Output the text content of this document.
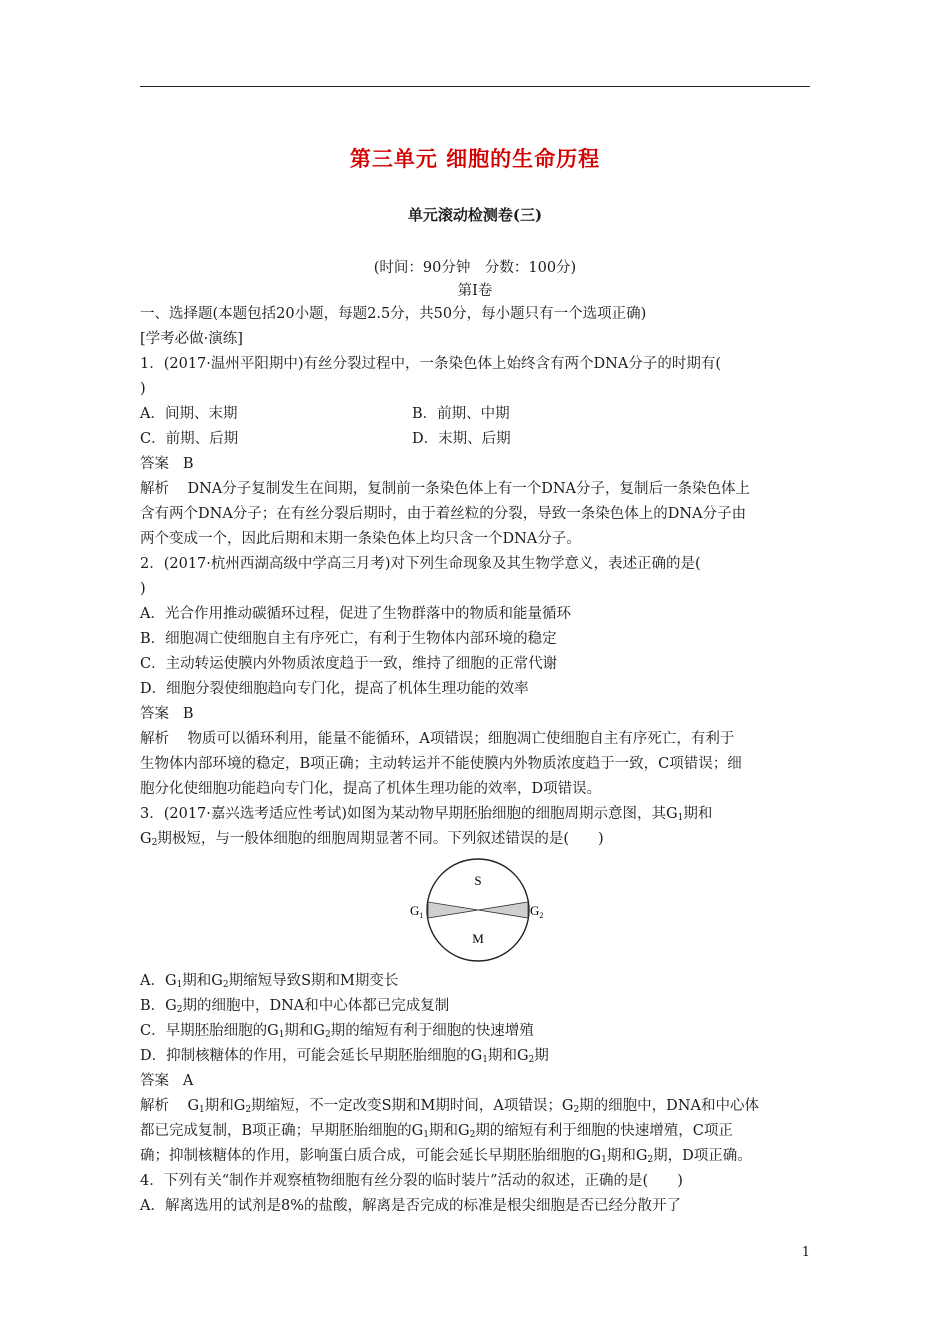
第三单元 细胞的生命历程
单元滚动检测卷(三)
(时间：90分钟　分数：100分)
第Ⅰ卷
一、选择题(本题包括20小题，每题2.5分，共50分，每小题只有一个选项正确)
[学考必做·演练]
1．(2017·温州平阳期中)有丝分裂过程中，一条染色体上始终含有两个DNA分子的时期有(
)
A．间期、末期	B．前期、中期
C．前期、后期	D．末期、后期
答案 B
解析 DNA分子复制发生在间期，复制前一条染色体上有一个DNA分子，复制后一条染色体上
含有两个DNA分子；在有丝分裂后期时，由于着丝粒的分裂，导致一条染色体上的DNA分子由
两个变成一个，因此后期和末期一条染色体上均只含一个DNA分子。
2．(2017·杭州西湖高级中学高三月考)对下列生命现象及其生物学意义，表述正确的是(
)
A．光合作用推动碳循环过程，促进了生物群落中的物质和能量循环
B．细胞凋亡使细胞自主有序死亡，有利于生物体内部环境的稳定
C．主动转运使膜内外物质浓度趋于一致，维持了细胞的正常代谢
D．细胞分裂使细胞趋向专门化，提高了机体生理功能的效率
答案 B
解析 物质可以循环利用，能量不能循环，A项错误；细胞凋亡使细胞自主有序死亡，有利于
生物体内部环境的稳定，B项正确；主动转运并不能使膜内外物质浓度趋于一致，C项错误；细
胞分化使细胞功能趋向专门化，提高了机体生理功能的效率，D项错误。
3．(2017·嘉兴选考适应性考试)如图为某动物早期胚胎细胞的细胞周期示意图，其$G_1$期和
$G_2$期极短，与一般体细胞的细胞周期显著不同。下列叙述错误的是(　　)
S
M
$G_1$	$G_2$
A．$G_1$期和$G_2$期缩短导致S期和M期变长
B．$G_2$期的细胞中，DNA和中心体都已完成复制
C．早期胚胎细胞的$G_1$期和$G_2$期的缩短有利于细胞的快速增殖
D．抑制核糖体的作用，可能会延长早期胚胎细胞的$G_1$期和$G_2$期
答案 A
解析 $G_1$期和$G_2$期缩短，不一定改变S期和M期时间，A项错误；$G_2$期的细胞中，DNA和中心体
都已完成复制，B项正确；早期胚胎细胞的$G_1$期和$G_2$期的缩短有利于细胞的快速增殖，C项正
确；抑制核糖体的作用，影响蛋白质合成，可能会延长早期胚胎细胞的$G_1$期和$G_2$期，D项正确。
4．下列有关“制作并观察植物细胞有丝分裂的临时装片”活动的叙述，正确的是(　　)
A．解离选用的试剂是8%的盐酸，解离是否完成的标准是根尖细胞是否已经分散开了
1
